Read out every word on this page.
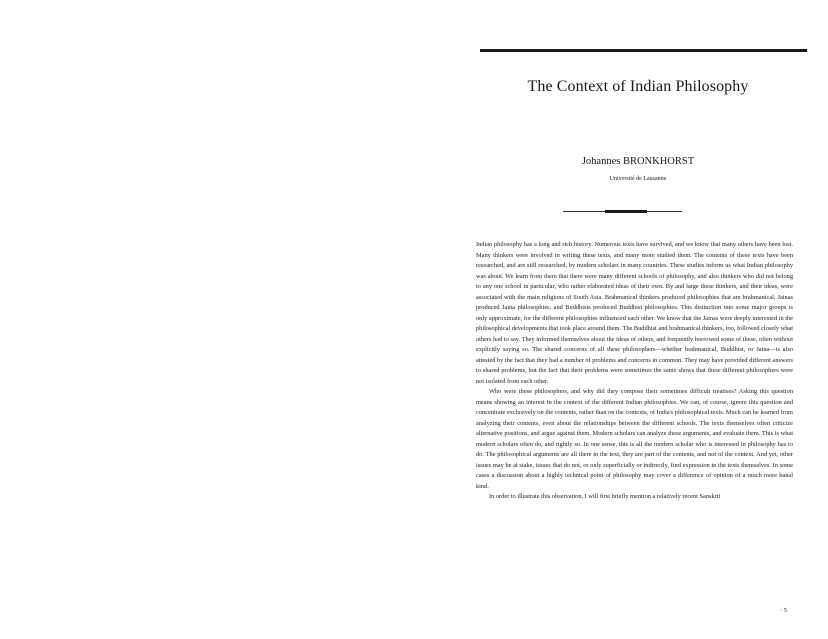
The Context of Indian Philosophy
Johannes BRONKHORST
Université de Lausanne

Indian philosophy has a long and rich history. Numerous texts have survived, and we know that many others have been lost. Many thinkers were involved in writing these texts, and many more studied them. The contents of these texts have been researched, and are still researched, by modern scholars in many countries. These studies inform us what Indian philosophy was about. We learn from them that there were many different schools of philosophy, and also thinkers who did not belong to any one school in particular, who rather elaborated ideas of their own. By and large these thinkers, and their ideas, were associated with the main religions of South Asia. Brahmanical thinkers produced philosophies that are brahmanical, Jainas produced Jaina philosophies, and Buddhists produced Buddhist philosophies. This distinction into some major groups is only approximate, for the different philosophies influenced each other. We know that the Jainas were deeply interested in the philosophical developments that took place around them. The Buddhist and brahmanical thinkers, too, followed closely what others had to say. They informed themselves about the ideas of others, and frequently borrowed some of these, often without explicitly saying so. The shared concerns of all these philosophers—whether brahmanical, Buddhist, or Jaina—is also attested by the fact that they had a number of problems and concerns in common. They may have provided different answers to shared problems, but the fact that their problems were sometimes the same shows that these different philosophers were not isolated from each other.

Who were these philosophers, and why did they compose their sometimes difficult treatises? Asking this question means showing an interest in the context of the different Indian philosophies. We can, of course, ignore this question and concentrate exclusively on the contents, rather than on the contexts, of India's philosophical texts. Much can be learned from analyzing their contents, even about the relationships between the different schools. The texts themselves often criticize alternative positions, and argue against them. Modern scholars can analyze these arguments, and evaluate them. This is what modern scholars often do, and rightly so. In one sense, this is all the modern scholar who is interested in philosophy has to do. The philosophical arguments are all there in the text, they are part of the contents, and not of the context. And yet, other issues may be at stake, issues that do not, or only superficially or indirectly, find expression in the texts themselves. In some cases a discussion about a highly technical point of philosophy may cover a difference of opinion of a much more banal kind.

In order to illustrate this observation, I will first briefly mention a relatively recent Sanskrit

· 5
